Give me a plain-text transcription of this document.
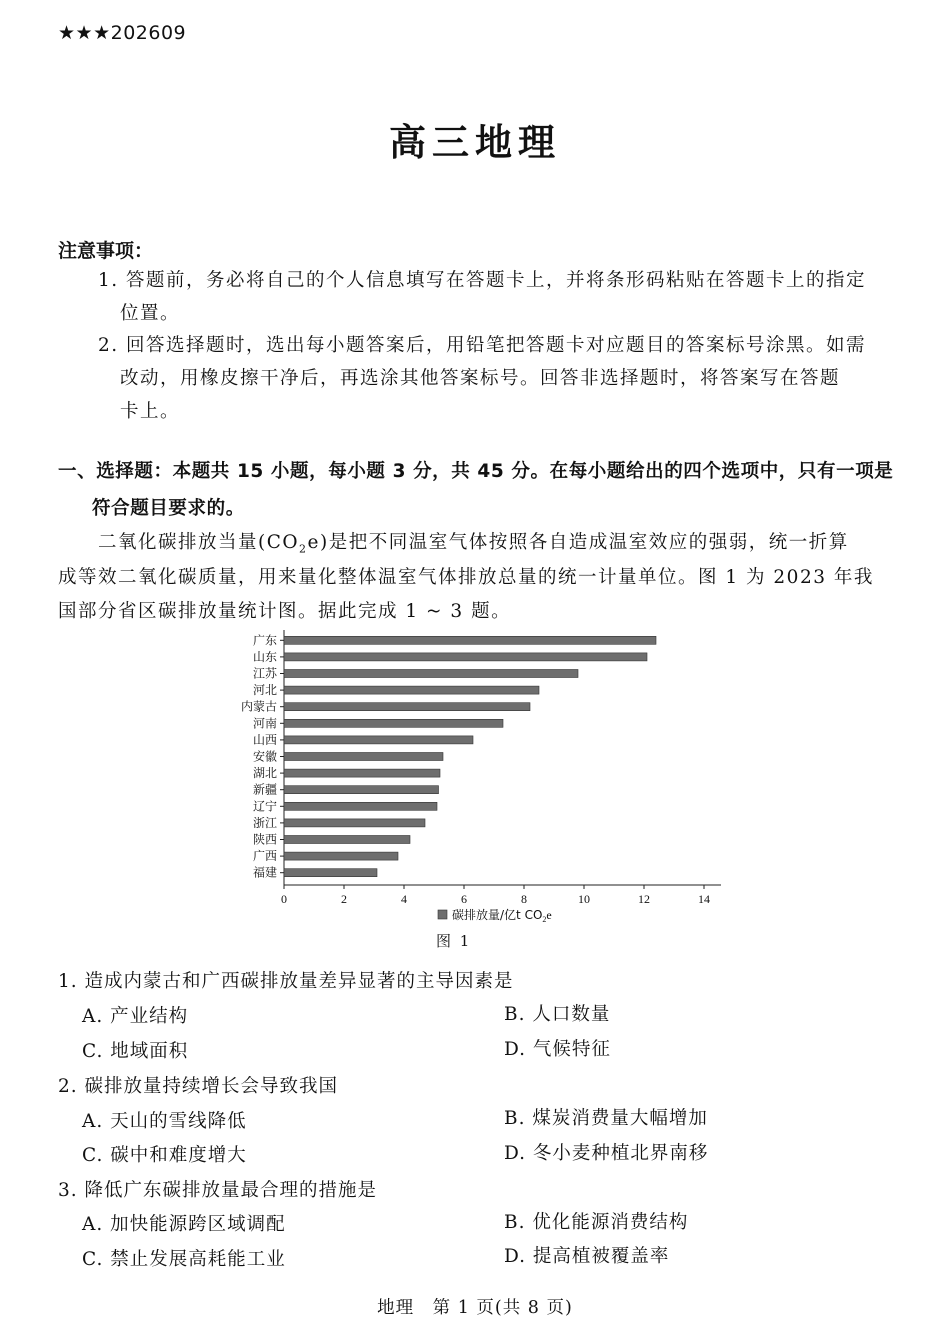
★★★202609
高三地理
注意事项：
1. 答题前，务必将自己的个人信息填写在答题卡上，并将条形码粘贴在答题卡上的指定
位置。
2. 回答选择题时，选出每小题答案后，用铅笔把答题卡对应题目的答案标号涂黑。如需
改动，用橡皮擦干净后，再选涂其他答案标号。回答非选择题时，将答案写在答题
卡上。
一、选择题：本题共 15 小题，每小题 3 分，共 45 分。在每小题给出的四个选项中，只有一项是
符合题目要求的。
二氧化碳排放当量$(CO_2e)$是把不同温室气体按照各自造成温室效应的强弱，统一折算
成等效二氧化碳质量，用来量化整体温室气体排放总量的统一计量单位。图 1 为 2023 年我
国部分省区碳排放量统计图。据此完成 1 ~ 3 题。
广东
山东
江苏
河北
内蒙古
河南
山西
安徽
湖北
新疆
辽宁
浙江
陕西
广西
福建
0	2	4	6	8	10	12	14
碳排放量/亿t $CO_2e$
图 1
1. 造成内蒙古和广西碳排放量差异显著的主导因素是
A. 产业结构	B. 人口数量
C. 地域面积	D. 气候特征
2. 碳排放量持续增长会导致我国
A. 天山的雪线降低	B. 煤炭消费量大幅增加
C. 碳中和难度增大	D. 冬小麦种植北界南移
3. 降低广东碳排放量最合理的措施是
A. 加快能源跨区域调配	B. 优化能源消费结构
C. 禁止发展高耗能工业	D. 提高植被覆盖率
地理　第 1 页(共 8 页)
